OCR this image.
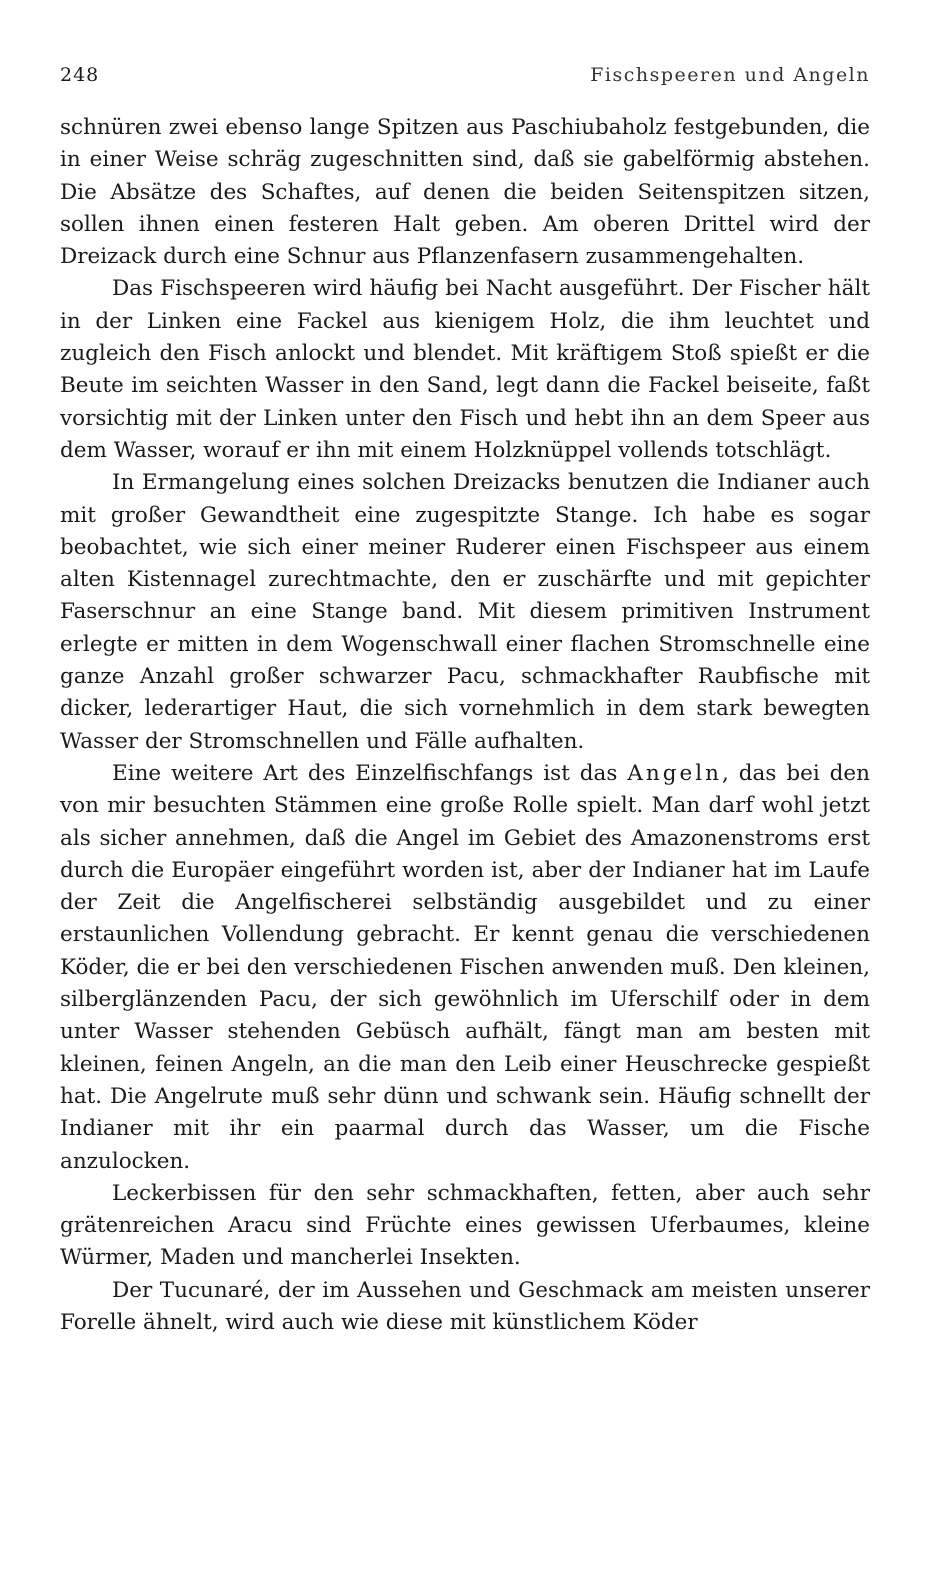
248	Fischspeeren und Angeln

schnüren zwei ebenso lange Spitzen aus Paschiubaholz festgebunden, die in einer Weise schräg zugeschnitten sind, daß sie gabelförmig abstehen. Die Absätze des Schaftes, auf denen die beiden Seitenspitzen sitzen, sollen ihnen einen festeren Halt geben. Am oberen Drittel wird der Dreizack durch eine Schnur aus Pflanzenfasern zusammengehalten.

Das Fischspeeren wird häufig bei Nacht ausgeführt. Der Fischer hält in der Linken eine Fackel aus kienigem Holz, die ihm leuchtet und zugleich den Fisch anlockt und blendet. Mit kräftigem Stoß spießt er die Beute im seichten Wasser in den Sand, legt dann die Fackel beiseite, faßt vorsichtig mit der Linken unter den Fisch und hebt ihn an dem Speer aus dem Wasser, worauf er ihn mit einem Holzknüppel vollends totschlägt.

In Ermangelung eines solchen Dreizacks benutzen die Indianer auch mit großer Gewandtheit eine zugespitzte Stange. Ich habe es sogar beobachtet, wie sich einer meiner Ruderer einen Fischspeer aus einem alten Kistennagel zurechtmachte, den er zuschärfte und mit gepichter Faserschnur an eine Stange band. Mit diesem primitiven Instrument erlegte er mitten in dem Wogenschwall einer flachen Stromschnelle eine ganze Anzahl großer schwarzer Pacu, schmackhafter Raubfische mit dicker, lederartiger Haut, die sich vornehmlich in dem stark bewegten Wasser der Stromschnellen und Fälle aufhalten.

Eine weitere Art des Einzelfischfangs ist das Angeln, das bei den von mir besuchten Stämmen eine große Rolle spielt. Man darf wohl jetzt als sicher annehmen, daß die Angel im Gebiet des Amazonenstroms erst durch die Europäer eingeführt worden ist, aber der Indianer hat im Laufe der Zeit die Angelfischerei selbständig ausgebildet und zu einer erstaunlichen Vollendung gebracht. Er kennt genau die verschiedenen Köder, die er bei den verschiedenen Fischen anwenden muß. Den kleinen, silberglänzenden Pacu, der sich gewöhnlich im Uferschilf oder in dem unter Wasser stehenden Gebüsch aufhält, fängt man am besten mit kleinen, feinen Angeln, an die man den Leib einer Heuschrecke gespießt hat. Die Angelrute muß sehr dünn und schwank sein. Häufig schnellt der Indianer mit ihr ein paarmal durch das Wasser, um die Fische anzulocken.

Leckerbissen für den sehr schmackhaften, fetten, aber auch sehr grätenreichen Aracu sind Früchte eines gewissen Uferbaumes, kleine Würmer, Maden und mancherlei Insekten.

Der Tucunaré, der im Aussehen und Geschmack am meisten unserer Forelle ähnelt, wird auch wie diese mit künstlichem Köder
